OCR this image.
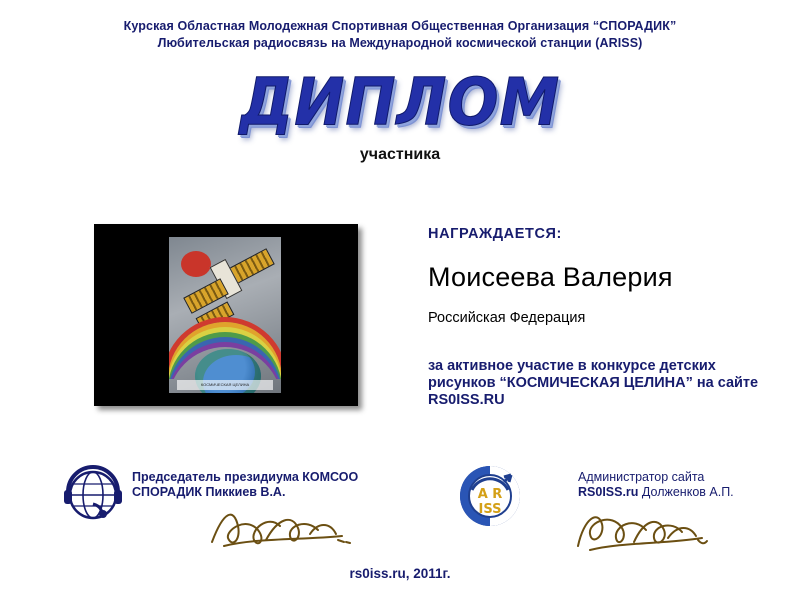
Курская Областная Молодежная Спортивная Общественная Организация “СПОРАДИК”
Любительская радиосвязь на Международной космической станции (ARISS)
ДИПЛОМ
участника
КОСМИЧЕСКАЯ ЦЕЛИНА
НАГРАЖДАЕТСЯ:
Моисеева Валерия
Российская Федерация
за активное участие в конкурсе детских рисунков “КОСМИЧЕСКАЯ ЦЕЛИНА” на сайте RS0ISS.RU
Председатель президиума КОМСОО
СПОРАДИК Пиккиев В.А.	A R
ISS
Администратор сайта
RS0ISS.ru Долженков А.П.
rs0iss.ru, 2011г.
